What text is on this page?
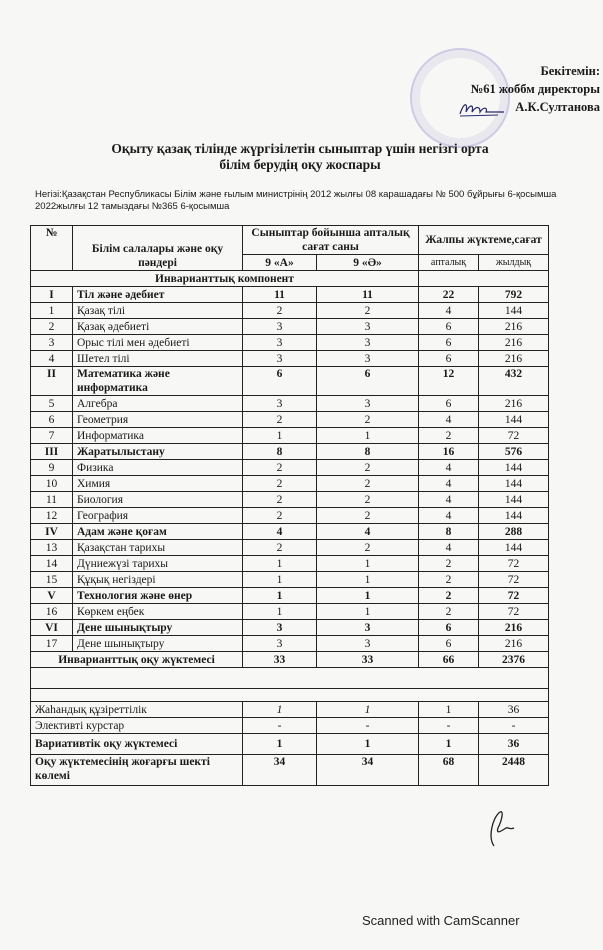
Бекітемін:
№61 жоббм директоры
А.К.Султанова
Оқыту қазақ тілінде жүргізілетін сыныптар үшін негізгі орта
білім берудің оқу жоспары
Негізі:Қазақстан Республикасы Білім және ғылым министрінің 2012 жылғы 08 карашадағы № 500 бұйрығы 6-қосымша
2022жылғы 12 тамыздағы №365 6-қосымша
№	Білім салалары және оқу пәндері	Сыныптар бойынша апталық сағат саны		Жалпы жүктеме,сағат	
		9 «А»	9 «Ә»	апталық	жылдық
Инварианттық компонент					
I	Тіл және әдебиет	11	11	22	792
1	Қазақ тілі	2	2	4	144
2	Қазақ әдебиеті	3	3	6	216
3	Орыс тілі мен әдебиеті	3	3	6	216
4	Шетел тілі	3	3	6	216
II	Математика және информатика	6	6	12	432
5	Алгебра	3	3	6	216
6	Геометрия	2	2	4	144
7	Информатика	1	1	2	72
III	Жаратылыстану	8	8	16	576
9	Физика	2	2	4	144
10	Химия	2	2	4	144
11	Биология	2	2	4	144
12	География	2	2	4	144
IV	Адам және қоғам	4	4	8	288
13	Қазақстан тарихы	2	2	4	144
14	Дүниежүзі тарихы	1	1	2	72
15	Құқық негіздері	1	1	2	72
V	Технология және өнер	1	1	2	72
16	Көркем еңбек	1	1	2	72
VI	Дене шынықтыру	3	3	6	216
17	Дене шынықтыру	3	3	6	216
Инварианттық оқу жүктемесі		33	33	66	2376

Жаһандық құзіреттілік		1	1	1	36
Элективті курстар		-	-	-	-
Вариативтік оқу жүктемесі		1	1	1	36
Оқу жүктемесінің жоғарғы шекті көлемі		34	34	68	2448
Scanned with CamScanner
